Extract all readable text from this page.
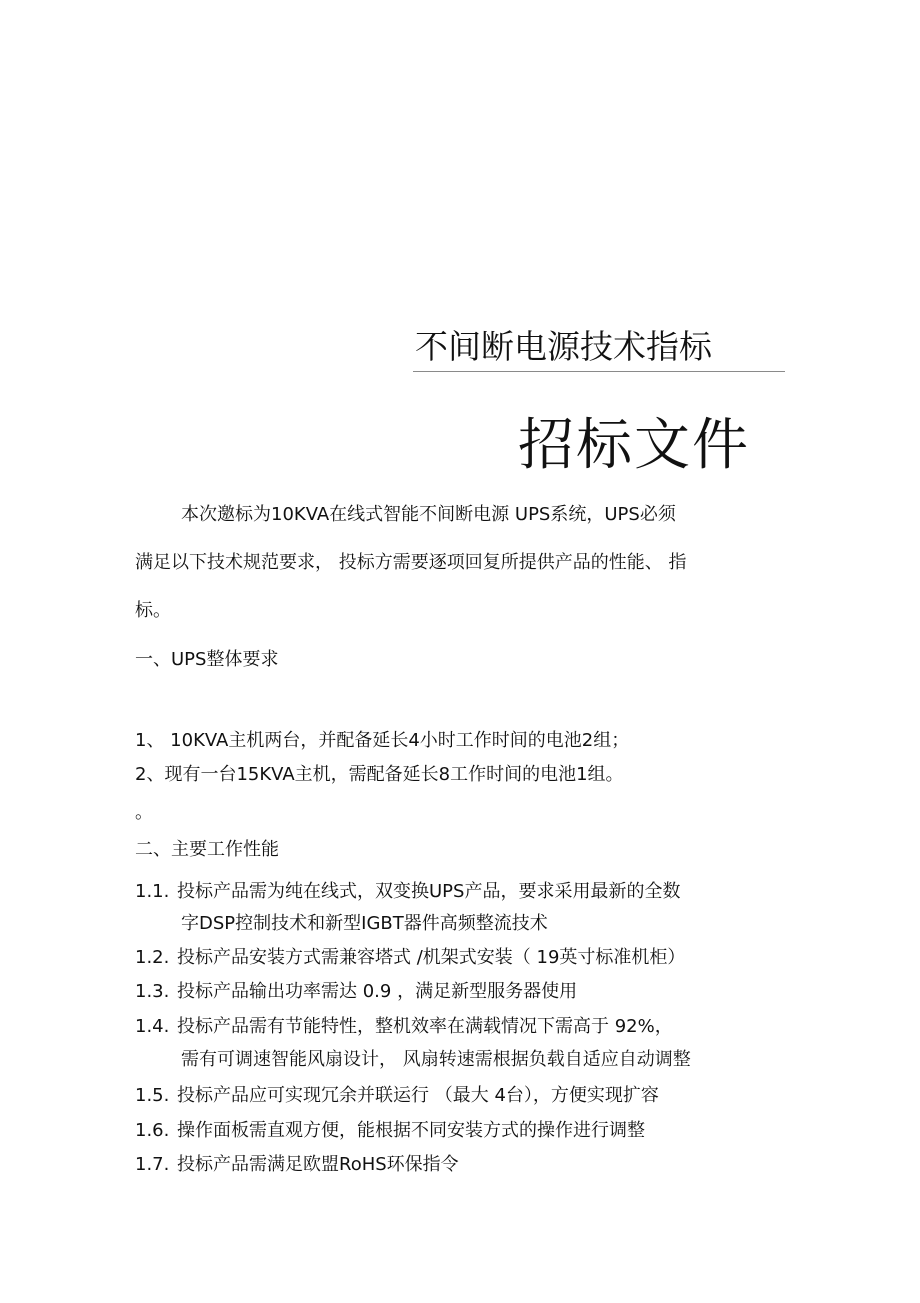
不间断电源技术指标
招标文件
本次邀标为10KVA在线式智能不间断电源 UPS系统，UPS必须
满足以下技术规范要求， 投标方需要逐项回复所提供产品的性能、 指
标。
一、UPS整体要求
1、 10KVA主机两台，并配备延长4小时工作时间的电池2组；
2、现有一台15KVA主机，需配备延长8工作时间的电池1组。
。
二、主要工作性能
1.1. 投标产品需为纯在线式，双变换UPS产品，要求采用最新的全数
字DSP控制技术和新型IGBT器件高频整流技术
1.2. 投标产品安装方式需兼容塔式 /机架式安装（ 19英寸标准机柜）
1.3. 投标产品输出功率需达 0.9 ，满足新型服务器使用
1.4. 投标产品需有节能特性，整机效率在满载情况下需高于 92%，
需有可调速智能风扇设计， 风扇转速需根据负载自适应自动调整
1.5. 投标产品应可实现冗余并联运行 （最大 4台），方便实现扩容
1.6. 操作面板需直观方便，能根据不同安装方式的操作进行调整
1.7. 投标产品需满足欧盟RoHS环保指令
